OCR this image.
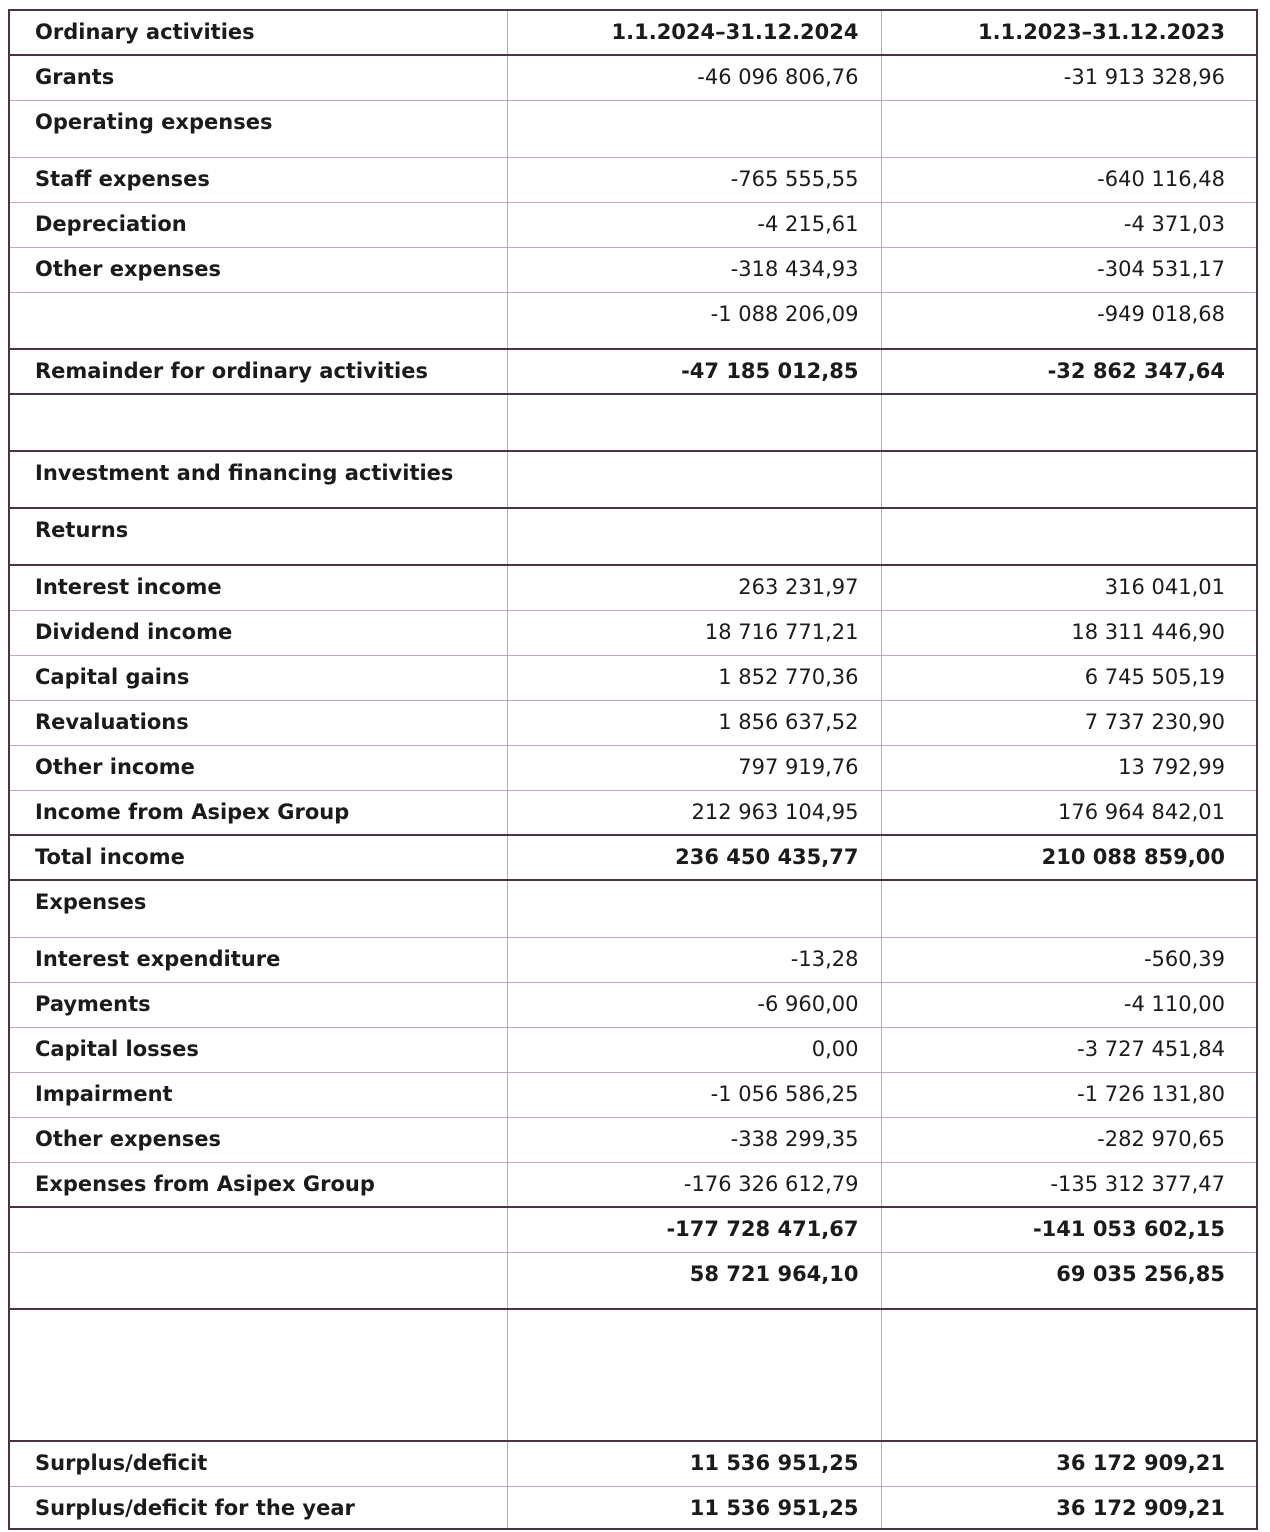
Ordinary activities	1.1.2024–31.12.2024	1.1.2023–31.12.2023
Grants	-46 096 806,76	-31 913 328,96
Operating expenses		
Staff expenses	-765 555,55	-640 116,48
Depreciation	-4 215,61	-4 371,03
Other expenses	-318 434,93	-304 531,17
	-1 088 206,09	-949 018,68
Remainder for ordinary activities	-47 185 012,85	-32 862 347,64

Investment and financing activities		
Returns		
Interest income	263 231,97	316 041,01
Dividend income	18 716 771,21	18 311 446,90
Capital gains	1 852 770,36	6 745 505,19
Revaluations	1 856 637,52	7 737 230,90
Other income	797 919,76	13 792,99
Income from Asipex Group	212 963 104,95	176 964 842,01
Total income	236 450 435,77	210 088 859,00
Expenses		
Interest expenditure	-13,28	-560,39
Payments	-6 960,00	-4 110,00
Capital losses	0,00	-3 727 451,84
Impairment	-1 056 586,25	-1 726 131,80
Other expenses	-338 299,35	-282 970,65
Expenses from Asipex Group	-176 326 612,79	-135 312 377,47
	-177 728 471,67	-141 053 602,15
	58 721 964,10	69 035 256,85

Surplus/deficit	11 536 951,25	36 172 909,21
Surplus/deficit for the year	11 536 951,25	36 172 909,21
